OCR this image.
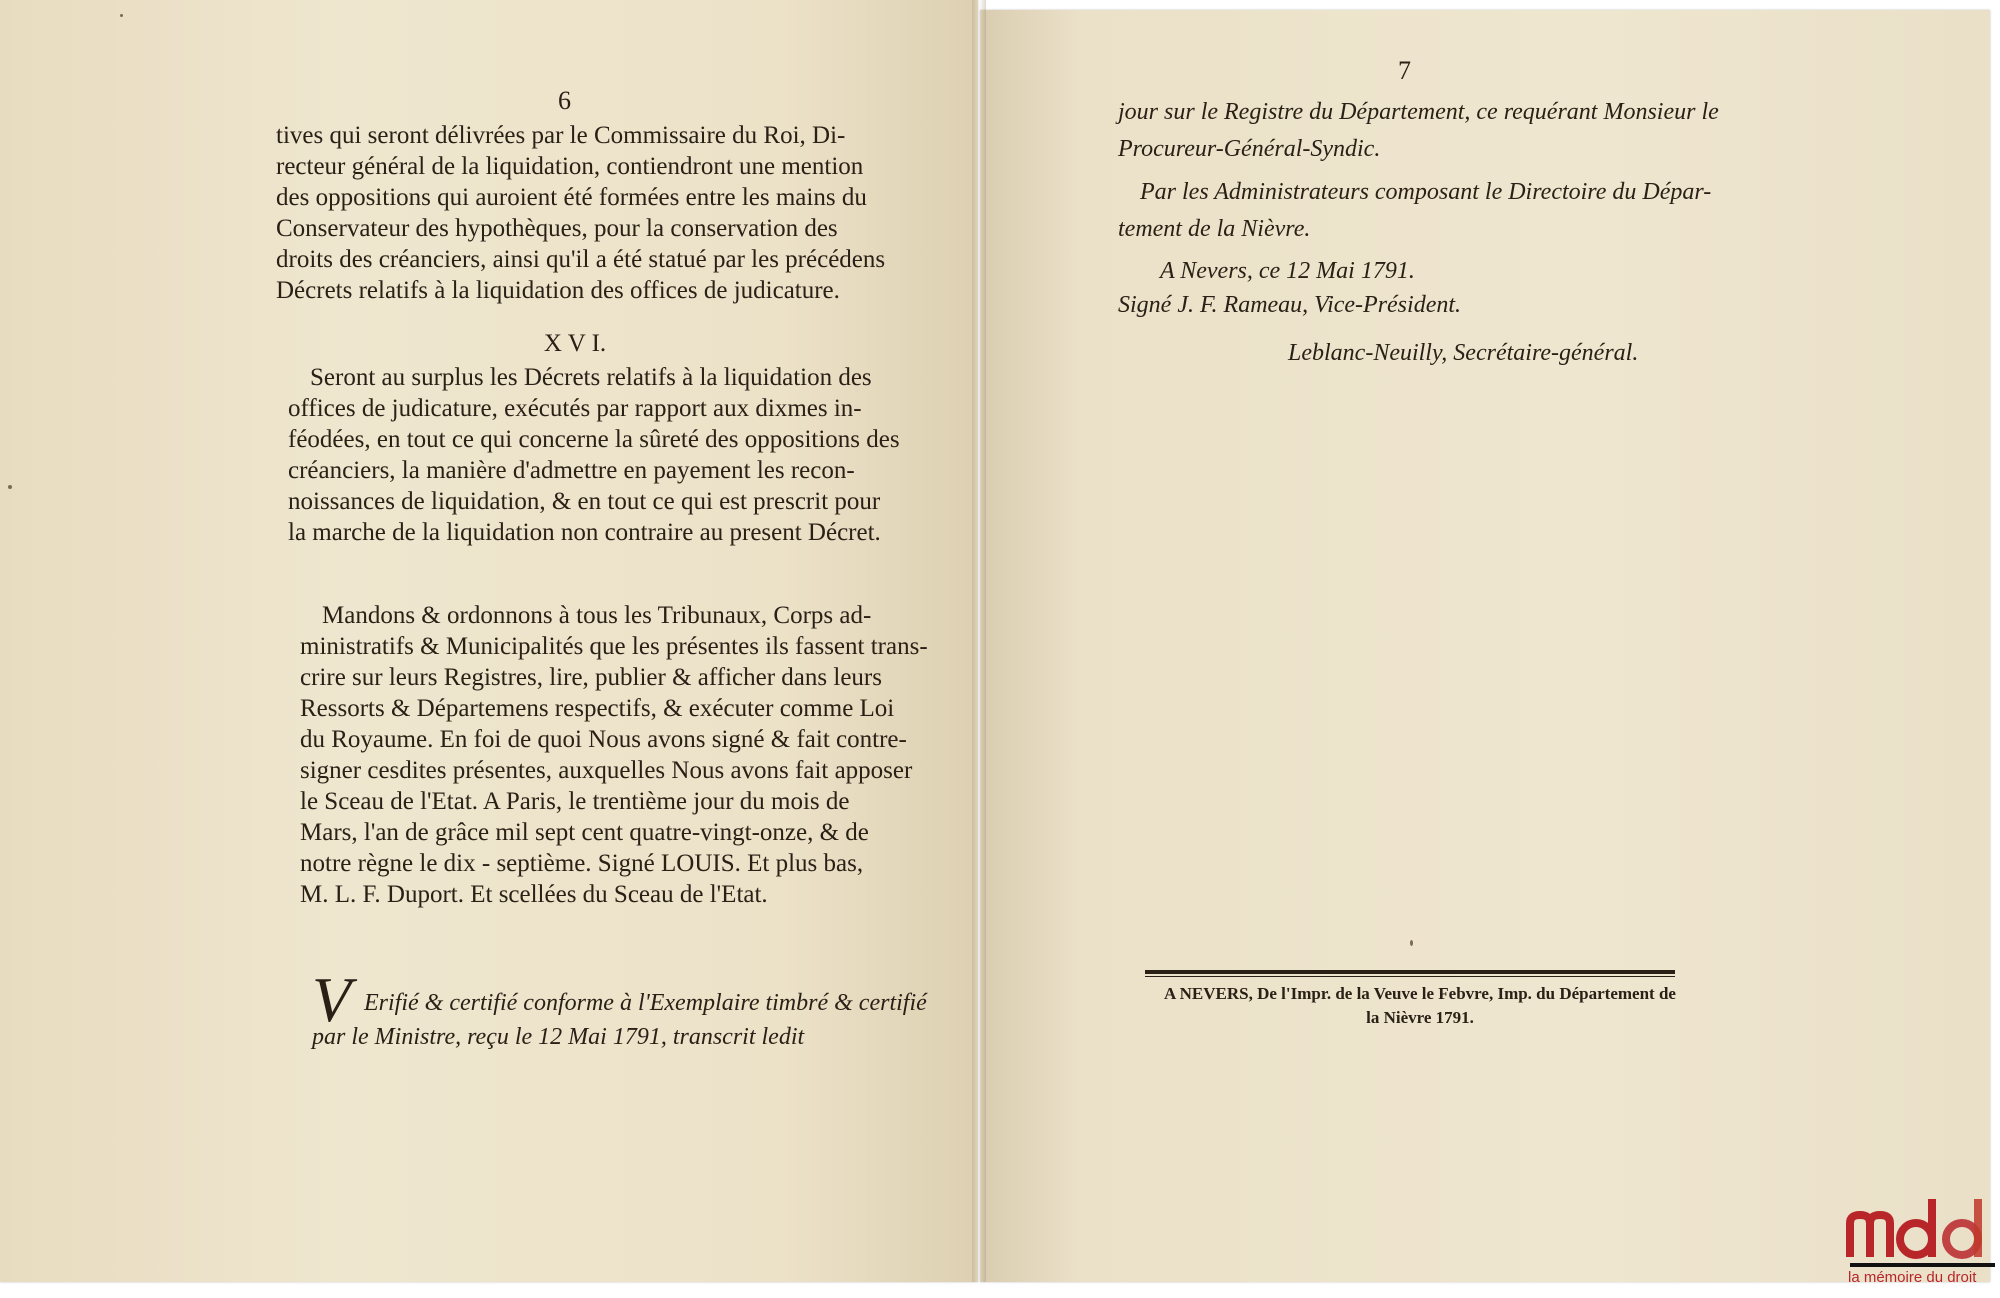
6
tives qui seront délivrées par le Commissaire du Roi, Di-
recteur général de la liquidation, contiendront une mention
des oppositions qui auroient été formées entre les mains du
Conservateur des hypothèques, pour la conservation des
droits des créanciers, ainsi qu'il a été statué par les précédens
Décrets relatifs à la liquidation des offices de judicature.
X V I.
Seront au surplus les Décrets relatifs à la liquidation des
offices de judicature, exécutés par rapport aux dixmes in-
féodées, en tout ce qui concerne la sûreté des oppositions des
créanciers, la manière d'admettre en payement les recon-
noissances de liquidation, & en tout ce qui est prescrit pour
la marche de la liquidation non contraire au present Décret.
Mandons & ordonnons à tous les Tribunaux, Corps ad-
ministratifs & Municipalités que les présentes ils fassent trans-
crire sur leurs Registres, lire, publier & afficher dans leurs
Ressorts & Départemens respectifs, & exécuter comme Loi
du Royaume. En foi de quoi Nous avons signé & fait contre-
signer cesdites présentes, auxquelles Nous avons fait apposer
le Sceau de l'Etat. A Paris, le trentième jour du mois de
Mars, l'an de grâce mil sept cent quatre-vingt-onze, & de
notre règne le dix - septième. Signé LOUIS. Et plus bas,
M. L. F. Duport. Et scellées du Sceau de l'Etat.
V Erifié & certifié conforme à l'Exemplaire timbré & certifié
par le Ministre, reçu le 12 Mai 1791, transcrit ledit
7
jour sur le Registre du Département, ce requérant Monsieur le
Procureur-Général-Syndic.
Par les Administrateurs composant le Directoire du Dépar-
tement de la Nièvre.
A Nevers, ce 12 Mai 1791.
Signé J. F. Rameau, Vice-Président.
Leblanc-Neuilly, Secrétaire-général.
A NEVERS, De l'Impr. de la Veuve le Febvre, Imp. du Département de
la Nièvre 1791.
la mémoire du droit
